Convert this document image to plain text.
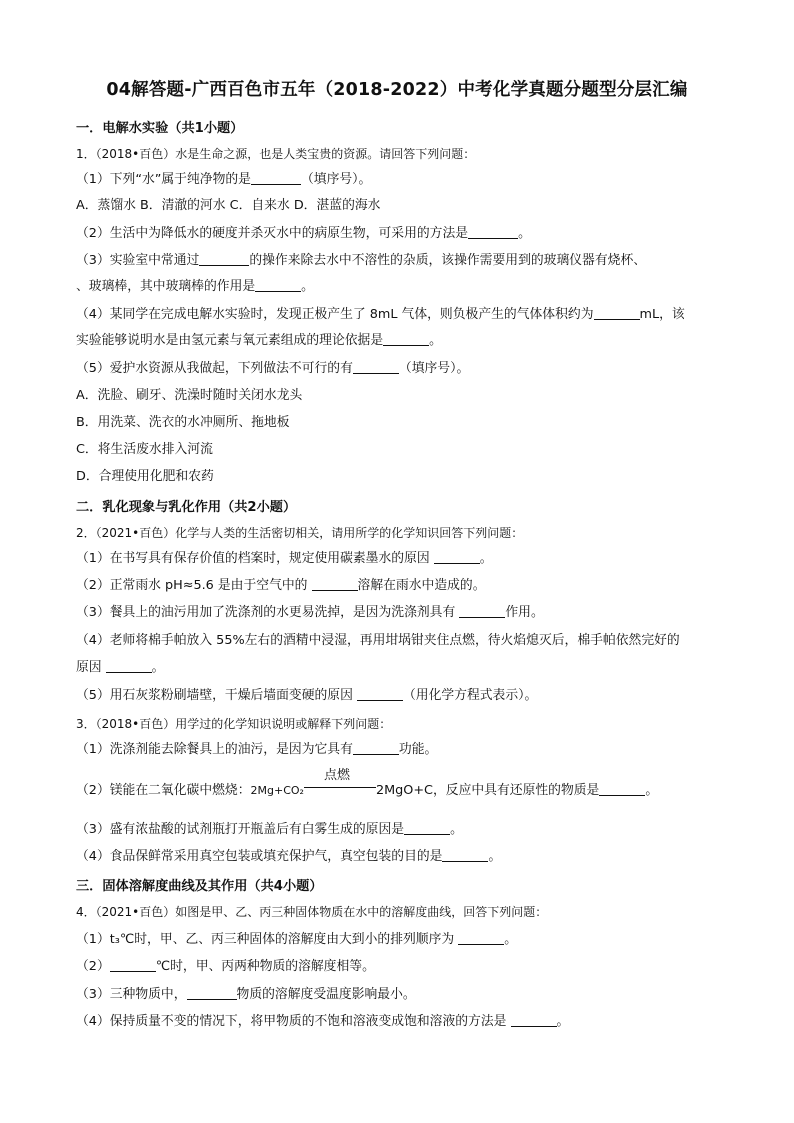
04解答题-广西百色市五年（2018-2022）中考化学真题分题型分层汇编
一．电解水实验（共1小题）
1．（2018•百色）水是生命之源，也是人类宝贵的资源。请回答下列问题：
（1）下列“水”属于纯净物的是	（填序号）。
A．蒸馏水 B．清澈的河水 C．自来水 D．湛蓝的海水
（2）生活中为降低水的硬度并杀灭水中的病原生物，可采用的方法是	。
（3）实验室中常通过	的操作来除去水中不溶性的杂质，该操作需要用到的玻璃仪器有烧杯、
、玻璃棒，其中玻璃棒的作用是	。
（4）某同学在完成电解水实验时，发现正极产生了 8mL 气体，则负极产生的气体体积约为	mL，该
实验能够说明水是由氢元素与氧元素组成的理论依据是	。
（5）爱护水资源从我做起，下列做法不可行的有	（填序号）。
A．洗脸、刷牙、洗澡时随时关闭水龙头
B．用洗菜、洗衣的水冲厕所、拖地板
C．将生活废水排入河流
D．合理使用化肥和农药
二．乳化现象与乳化作用（共2小题）
2．（2021•百色）化学与人类的生活密切相关，请用所学的化学知识回答下列问题：
（1）在书写具有保存价值的档案时，规定使用碳素墨水的原因	。
（2）正常雨水 pH≈5.6 是由于空气中的	溶解在雨水中造成的。
（3）餐具上的油污用加了洗涤剂的水更易洗掉，是因为洗涤剂具有	作用。
（4）老师将棉手帕放入 55%左右的酒精中浸湿，再用坩埚钳夹住点燃，待火焰熄灭后，棉手帕依然完好的
原因	。
（5）用石灰浆粉刷墙壁，干燥后墙面变硬的原因	（用化学方程式表示）。
3．（2018•百色）用学过的化学知识说明或解释下列问题：
（1）洗涤剂能去除餐具上的油污，是因为它具有	功能。
（2）镁能在二氧化碳中燃烧：2Mg+CO₂
点燃
2MgO+C，反应中具有还原性的物质是	。
（3）盛有浓盐酸的试剂瓶打开瓶盖后有白雾生成的原因是	。
（4）食品保鲜常采用真空包装或填充保护气，真空包装的目的是	。
三．固体溶解度曲线及其作用（共4小题）
4．（2021•百色）如图是甲、乙、丙三种固体物质在水中的溶解度曲线，回答下列问题：
（1）t₃℃时，甲、乙、丙三种固体的溶解度由大到小的排列顺序为	。
（2）	℃时，甲、丙两种物质的溶解度相等。
（3）三种物质中，	物质的溶解度受温度影响最小。
（4）保持质量不变的情况下，将甲物质的不饱和溶液变成饱和溶液的方法是	。
